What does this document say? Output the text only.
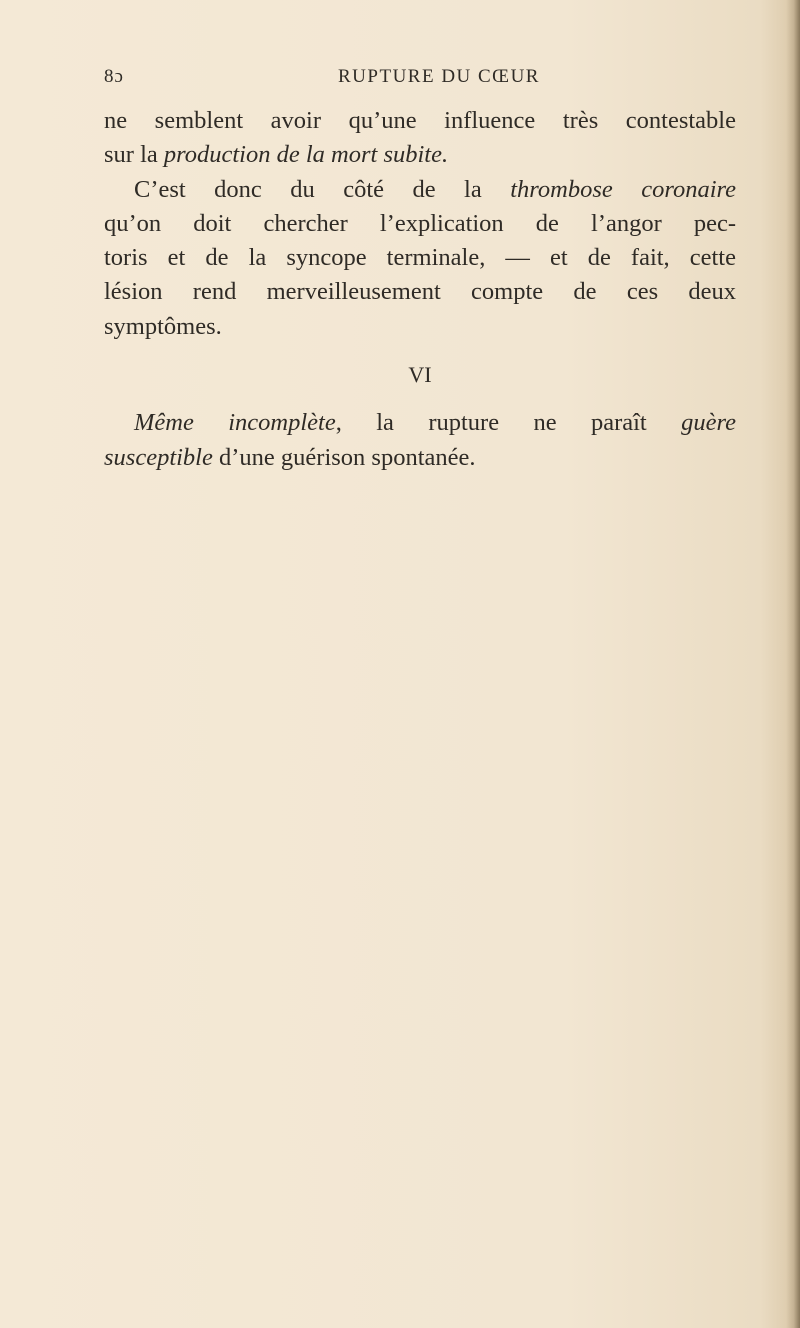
8ɔ	RUPTURE DU CŒUR
ne semblent avoir qu’une influence très contestable
sur la production de la mort subite.
C’est donc du côté de la thrombose coronaire
qu’on doit chercher l’explication de l’angor pec-
toris et de la syncope terminale, — et de fait, cette
lésion rend merveilleusement compte de ces deux
symptômes.
VI
Même incomplète, la rupture ne paraît guère
susceptible d’une guérison spontanée.
